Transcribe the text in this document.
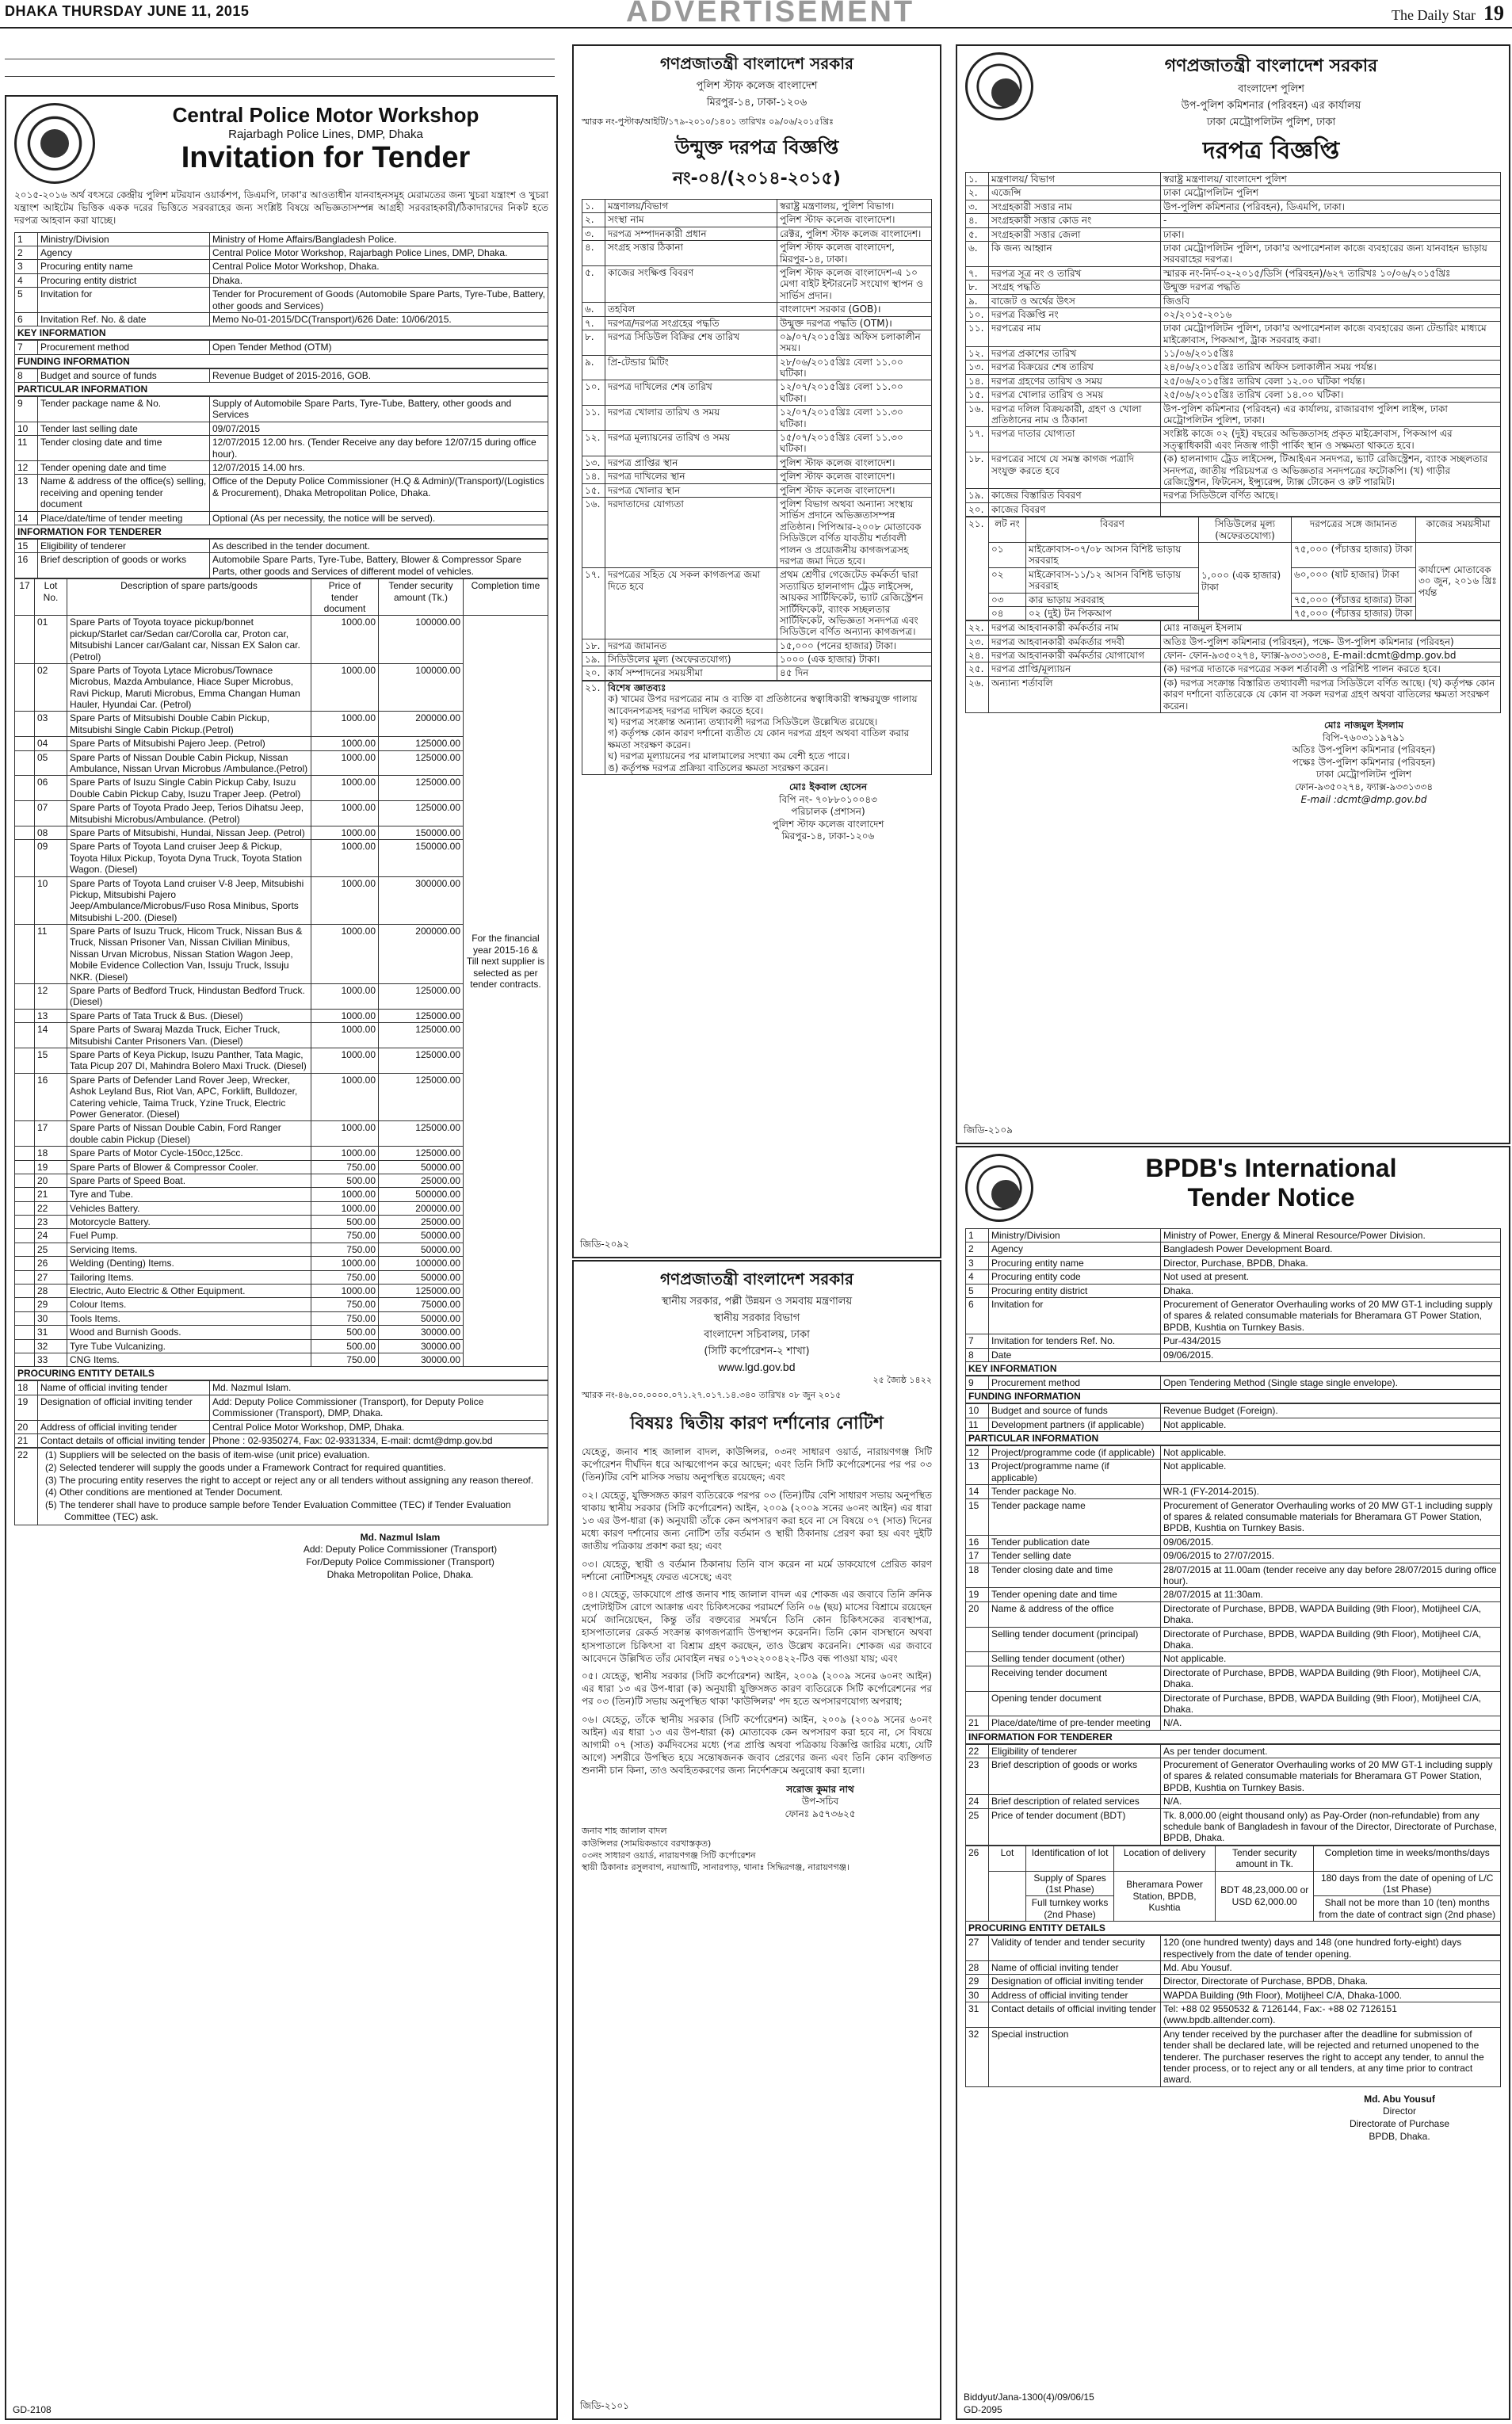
DHAKA THURSDAY JUNE 11, 2015	ADVERTISEMENT	The Daily Star 19
Central Police Motor Workshop
Rajarbagh Police Lines, DMP, Dhaka
Invitation for Tender
২০১৫-২০১৬ অর্থ বৎসরে কেন্দ্রীয় পুলিশ মটরযান ওয়ার্কশপ, ডিএমপি, ঢাকা'র আওতাধীন যানবাহনসমূহ মেরামতের জন্য খুচরা যন্ত্রাংশ ও খুচরা যন্ত্রাংশ আইটেম ভিত্তিক একক দরের ভিত্তিতে সরবরাহের জন্য সংশ্লিষ্ট বিষয়ে অভিজ্ঞতাসম্পন্ন আগ্রহী সরবরাহকারী/ঠিকাদারদের নিকট হতে দরপত্র আহবান করা যাচ্ছে।
1	Ministry/Division	Ministry of Home Affairs/Bangladesh Police.
2	Agency	Central Police Motor Workshop, Rajarbagh Police Lines, DMP, Dhaka.
3	Procuring entity name	Central Police Motor Workshop, Dhaka.
4	Procuring entity district	Dhaka.
5	Invitation for	Tender for Procurement of Goods (Automobile Spare Parts, Tyre-Tube, Battery, other goods and Services)
6	Invitation Ref. No. & date	Memo No-01-2015/DC(Transport)/626 Date: 10/06/2015.
KEY INFORMATION
7	Procurement method	Open Tender Method (OTM)
FUNDING INFORMATION
8	Budget and source of funds	Revenue Budget of 2015-2016, GOB.
PARTICULAR INFORMATION
9	Tender package name & No.	Supply of Automobile Spare Parts, Tyre-Tube, Battery, other goods and Services
10	Tender last selling date	09/07/2015
11	Tender closing date and time	12/07/2015 12.00 hrs. (Tender Receive any day before 12/07/15 during office hour).
12	Tender opening date and time	12/07/2015 14.00 hrs.
13	Name & address of the office(s) selling, receiving and opening tender document	Office of the Deputy Police Commissioner (H.Q & Admin)/(Transport)/(Logistics & Procurement), Dhaka Metropolitan Police, Dhaka.
14	Place/date/time of tender meeting	Optional (As per necessity, the notice will be served).
INFORMATION FOR TENDERER
15	Eligibility of tenderer	As described in the tender document.
16	Brief description of goods or works	Automobile Spare Parts, Tyre-Tube, Battery, Blower & Compressor Spare Parts, other goods and Services of different model of vehicles.
17	Lot No.	Description of spare parts/goods	Price of tender document	Tender security amount (Tk.)	Completion time
	01	Spare Parts of Toyota toyace pickup/bonnet pickup/Starlet car/Sedan car/Corolla car, Proton car, Mitsubishi Lancer car/Galant car, Nissan EX Salon car. (Petrol)	1000.00	100000.00	For the financial year 2015-16 & Till next supplier is selected as per tender contracts.
	02	Spare Parts of Toyota Lytace Microbus/Townace Microbus, Mazda Ambulance, Hiace Super Microbus, Ravi Pickup, Maruti Microbus, Emma Changan Human Hauler, Hyundai Car. (Petrol)	1000.00	100000.00	
	03	Spare Parts of Mitsubishi Double Cabin Pickup, Mitsubishi Single Cabin Pickup.(Petrol)	1000.00	200000.00	
	04	Spare Parts of Mitsubishi Pajero Jeep. (Petrol)	1000.00	125000.00	
	05	Spare Parts of Nissan Double Cabin Pickup, Nissan Ambulance, Nissan Urvan Microbus /Ambulance.(Petrol)	1000.00	125000.00	
	06	Spare Parts of Isuzu Single Cabin Pickup Caby, Isuzu Double Cabin Pickup Caby, Isuzu Traper Jeep. (Petrol)	1000.00	125000.00	
	07	Spare Parts of Toyota Prado Jeep, Terios Dihatsu Jeep, Mitsubishi Microbus/Ambulance. (Petrol)	1000.00	125000.00	
	08	Spare Parts of Mitsubishi, Hundai, Nissan Jeep. (Petrol)	1000.00	150000.00	
	09	Spare Parts of Toyota Land cruiser Jeep & Pickup, Toyota Hilux Pickup, Toyota Dyna Truck, Toyota Station Wagon. (Diesel)	1000.00	150000.00	
	10	Spare Parts of Toyota Land cruiser V-8 Jeep, Mitsubishi Pickup, Mitsubishi Pajero Jeep/Ambulance/Microbus/Fuso Rosa Minibus, Sports Mitsubishi L-200. (Diesel)	1000.00	300000.00	
	11	Spare Parts of Isuzu Truck, Hicom Truck, Nissan Bus & Truck, Nissan Prisoner Van, Nissan Civilian Minibus, Nissan Urvan Microbus, Nissan Station Wagon Jeep, Mobile Evidence Collection Van, Issuju Truck, Issuju NKR. (Diesel)	1000.00	200000.00	
	12	Spare Parts of Bedford Truck, Hindustan Bedford Truck. (Diesel)	1000.00	125000.00	
	13	Spare Parts of Tata Truck & Bus. (Diesel)	1000.00	125000.00	
	14	Spare Parts of Swaraj Mazda Truck, Eicher Truck, Mitsubishi Canter Prisoners Van. (Diesel)	1000.00	125000.00	
	15	Spare Parts of Keya Pickup, Isuzu Panther, Tata Magic, Tata Picup 207 DI, Mahindra Bolero Maxi Truck. (Diesel)	1000.00	125000.00	
	16	Spare Parts of Defender Land Rover Jeep, Wrecker, Ashok Leyland Bus, Riot Van, APC, Forklift, Bulldozer, Catering vehicle, Taima Truck, Yzine Truck, Electric Power Generator. (Diesel)	1000.00	125000.00	
	17	Spare Parts of Nissan Double Cabin, Ford Ranger double cabin Pickup (Diesel)	1000.00	125000.00	
	18	Spare Parts of Motor Cycle-150cc,125cc.	1000.00	125000.00	
	19	Spare Parts of Blower & Compressor Cooler.	750.00	50000.00	
	20	Spare Parts of Speed Boat.	500.00	25000.00	
	21	Tyre and Tube.	1000.00	500000.00	
	22	Vehicles Battery.	1000.00	200000.00	
	23	Motorcycle Battery.	500.00	25000.00	
	24	Fuel Pump.	750.00	50000.00	
	25	Servicing Items.	750.00	50000.00	
	26	Welding (Denting) Items.	1000.00	100000.00	
	27	Tailoring Items.	750.00	50000.00	
	28	Electric, Auto Electric & Other Equipment.	1000.00	125000.00	
	29	Colour Items.	750.00	75000.00	
	30	Tools Items.	750.00	50000.00	
	31	Wood and Burnish Goods.	500.00	30000.00	
	32	Tyre Tube Vulcanizing.	500.00	30000.00	
	33	CNG Items.	750.00	30000.00	
PROCURING ENTITY DETAILS
18	Name of official inviting tender	Md. Nazmul Islam.
19	Designation of official inviting tender	Add: Deputy Police Commissioner (Transport), for Deputy Police Commissioner (Transport), DMP, Dhaka.
20	Address of official inviting tender	Central Police Motor Workshop, DMP, Dhaka.
21	Contact details of official inviting tender	Phone : 02-9350274, Fax: 02-9331334, E-mail: dcmt@dmp.gov.bd
22	(1) Suppliers will be selected on the basis of item-wise (unit price) evaluation.
(2) Selected tenderer will supply the goods under a Framework Contract for required quantities.
(3) The procuring entity reserves the right to accept or reject any or all tenders without assigning any reason thereof.
(4) Other conditions are mentioned at Tender Document.
(5) The tenderer shall have to produce sample before Tender Evaluation Committee (TEC) if Tender Evaluation Committee (TEC) ask.
Md. Nazmul Islam
Add: Deputy Police Commissioner (Transport)
For/Deputy Police Commissioner (Transport)
Dhaka Metropolitan Police, Dhaka.
GD-2108
গণপ্রজাতন্ত্রী বাংলাদেশ সরকার
পুলিশ স্টাফ কলেজ বাংলাদেশ
মিরপুর-১৪, ঢাকা-১২০৬
স্মারক নং-পুস্টাক/আইটি/১৭৯-২০১০/১৪০১ তারিখঃ ০৯/০৬/২০১৫খ্রিঃ
উন্মুক্ত দরপত্র বিজ্ঞপ্তি
নং-০৪/(২০১৪-২০১৫)
১.	মন্ত্রণালয়/বিভাগ	স্বরাষ্ট্র মন্ত্রণালয়, পুলিশ বিভাগ।
২.	সংস্থা নাম	পুলিশ স্টাফ কলেজ বাংলাদেশ।
৩.	দরপত্র সম্পাদনকারী প্রধান	রেক্টর, পুলিশ স্টাফ কলেজ বাংলাদেশ।
৪.	সংগ্রহ সত্তার ঠিকানা	পুলিশ স্টাফ কলেজ বাংলাদেশ, মিরপুর-১৪, ঢাকা।
৫.	কাজের সংক্ষিপ্ত বিবরণ	পুলিশ স্টাফ কলেজ বাংলাদেশ-এ ১০ মেগা বাইট ইন্টারনেট সংযোগ স্থাপন ও সার্ভিস প্রদান।
৬.	তহবিল	বাংলাদেশ সরকার (GOB)।
৭.	দরপত্র/দরপত্র সংগ্রহের পদ্ধতি	উন্মুক্ত দরপত্র পদ্ধতি (OTM)।
৮.	দরপত্র সিডিউল বিক্রির শেষ তারিখ	০৯/০৭/২০১৫খ্রিঃ অফিস চলাকালীন সময়।
৯.	প্রি-টেন্ডার মিটিং	২৮/০৬/২০১৫খ্রিঃ বেলা ১১.০০ ঘটিকা।
১০.	দরপত্র দাখিলের শেষ তারিখ	১২/০৭/২০১৫খ্রিঃ বেলা ১১.০০ ঘটিকা।
১১.	দরপত্র খোলার তারিখ ও সময়	১২/০৭/২০১৫খ্রিঃ বেলা ১১.৩০ ঘটিকা।
১২.	দরপত্র মূল্যায়নের তারিখ ও সময়	১৫/০৭/২০১৫খ্রিঃ বেলা ১১.৩০ ঘটিকা।
১৩.	দরপত্র প্রাপ্তির স্থান	পুলিশ স্টাফ কলেজ বাংলাদেশ।
১৪.	দরপত্র দাখিলের স্থান	পুলিশ স্টাফ কলেজ বাংলাদেশ।
১৫.	দরপত্র খোলার স্থান	পুলিশ স্টাফ কলেজ বাংলাদেশ।
১৬.	দরদাতাদের যোগ্যতা	পুলিশ বিভাগ অথবা অন্যান্য সংস্থায় সার্ভিস প্রদানে অভিজ্ঞতাসম্পন্ন প্রতিষ্ঠান। পিপিআর-২০০৮ মোতাবেক সিডিউলে বর্ণিত যাবতীয় শর্তাবলী পালন ও প্রয়োজনীয় কাগজপত্রসহ দরপত্র জমা দিতে হবে।
১৭.	দরপত্রের সহিত যে সকল কাগজপত্র জমা দিতে হবে	প্রথম শ্রেণীর গেজেটেড কর্মকর্তা দ্বারা সত্যায়িত হালনাগাদ ট্রেড লাইসেন্স, আয়কর সার্টিফিকেট, ভ্যাট রেজিস্ট্রেশন সার্টিফিকেট, ব্যাংক সচ্ছলতার সার্টিফিকেট, অভিজ্ঞতা সনদপত্র এবং সিডিউলে বর্ণিত অন্যান্য কাগজপত্র।
১৮.	দরপত্র জামানত	১৫,০০০ (পনের হাজার) টাকা।
১৯.	সিডিউলের মূল্য (অফেরতযোগ্য)	১০০০ (এক হাজার) টাকা।
২০.	কার্য সম্পাদনের সময়সীমা	৪৫ দিন
২১.	বিশেষ জ্ঞাতব্যঃ
ক) খামের উপর দরপত্রের নাম ও ব্যক্তি বা প্রতিষ্ঠানের স্বত্বাধিকারী স্বাক্ষরযুক্ত গালায় আবেদনপত্রসহ দরপত্র দাখিল করতে হবে।
খ) দরপত্র সংক্রান্ত অন্যান্য তথ্যাবলী দরপত্র সিডিউলে উল্লেখিত রয়েছে।
গ) কর্তৃপক্ষ কোন কারণ দর্শানো ব্যতীত যে কোন দরপত্র গ্রহণ অথবা বাতিল করার ক্ষমতা সংরক্ষণ করেন।
ঘ) দরপত্র মূল্যায়নের পর মালামালের সংখ্যা কম বেশী হতে পারে।
ঙ) কর্তৃপক্ষ দরপত্র প্রক্রিয়া বাতিলের ক্ষমতা সংরক্ষণ করেন।
মোঃ ইকবাল হোসেন
বিপি নং- ৭০৮৮০১০০৪৩
পরিচালক (প্রশাসন)
পুলিশ স্টাফ কলেজ বাংলাদেশ
মিরপুর-১৪, ঢাকা-১২০৬
জিডি-২০৯২
গণপ্রজাতন্ত্রী বাংলাদেশ সরকার
বাংলাদেশ পুলিশ
উপ-পুলিশ কমিশনার (পরিবহন) এর কার্যালয়
ঢাকা মেট্রোপলিটন পুলিশ, ঢাকা
দরপত্র বিজ্ঞপ্তি
১.	মন্ত্রণালয়/ বিভাগ	স্বরাষ্ট্র মন্ত্রণালয়/ বাংলাদেশ পুলিশ
২.	এজেন্সি	ঢাকা মেট্রোপলিটন পুলিশ
৩.	সংগ্রহকারী সত্তার নাম	উপ-পুলিশ কমিশনার (পরিবহন), ডিএমপি, ঢাকা।
৪.	সংগ্রহকারী সত্তার কোড নং	-
৫.	সংগ্রহকারী সত্তার জেলা	ঢাকা।
৬.	কি জন্য আহ্বান	ঢাকা মেট্রোপলিটন পুলিশ, ঢাকা'র অপারেশনাল কাজে ব্যবহারের জন্য যানবাহন ভাড়ায় সরবরাহের দরপত্র।
৭.	দরপত্র সূত্র নং ও তারিখ	স্মারক নং-নির্দ-০২-২০১৫/ডিসি (পরিবহন)/৬২৭ তারিখঃ ১০/০৬/২০১৫খ্রিঃ
৮.	সংগ্রহ পদ্ধতি	উন্মুক্ত দরপত্র পদ্ধতি
৯.	বাজেট ও অর্থের উৎস	জিওবি
১০.	দরপত্র বিজ্ঞপ্তি নং	০২/২০১৫-২০১৬
১১.	দরপত্রের নাম	ঢাকা মেট্রোপলিটন পুলিশ, ঢাকা'র অপারেশনাল কাজে ব্যবহারের জন্য টেন্ডারিং মাধ্যমে মাইক্রোবাস, পিকআপ, ট্রাক সরবরাহ করা।
১২.	দরপত্র প্রকাশের তারিখ	১১/০৬/২০১৫খ্রিঃ
১৩.	দরপত্র বিক্রয়ের শেষ তারিখ	২৪/০৬/২০১৫খ্রিঃ তারিখ অফিস চলাকালীন সময় পর্যন্ত।
১৪.	দরপত্র গ্রহণের তারিখ ও সময়	২৫/০৬/২০১৫খ্রিঃ তারিখ বেলা ১২.০০ ঘটিকা পর্যন্ত।
১৫.	দরপত্র খোলার তারিখ ও সময়	২৫/০৬/২০১৫খ্রিঃ তারিখ বেলা ১৪.০০ ঘটিকা।
১৬.	দরপত্র দলিল বিক্রয়কারী, গ্রহণ ও খোলা প্রতিষ্ঠানের নাম ও ঠিকানা	উপ-পুলিশ কমিশনার (পরিবহন) এর কার্যালয়, রাজারবাগ পুলিশ লাইন্স, ঢাকা মেট্রোপলিটন পুলিশ, ঢাকা।
১৭.	দরপত্র দাতার যোগ্যতা	সংশ্লিষ্ট কাজে ০২ (দুই) বছরের অভিজ্ঞতাসহ প্রকৃত মাইক্রোবাস, পিকআপ এর সত্ত্বাধিকারী এবং নিজস্ব গাড়ী পার্কিং স্থান ও সক্ষমতা থাকতে হবে।
১৮.	দরপত্রের সাথে যে সমস্ত কাগজ পত্রাদি সংযুক্ত করতে হবে	(ক) হালনাগাদ ট্রেড লাইসেন্স, টিআইএন সনদপত্র, ভ্যাট রেজিস্ট্রেশন, ব্যাংক সচ্ছলতার সনদপত্র, জাতীয় পরিচয়পত্র ও অভিজ্ঞতার সনদপত্রের ফটোকপি। (খ) গাড়ীর রেজিস্ট্রেশন, ফিটনেস, ইন্স্যুরেন্স, ট্যাক্স টোকেন ও রুট পারমিট।
১৯.	কাজের বিস্তারিত বিবরণ	দরপত্র সিডিউলে বর্ণিত আছে।
২০.	কাজের বিবরণ	
২১.	লট নং	বিবরণ	সিডিউলের মূল্য (অফেরতযোগ্য)	দরপত্রের সঙ্গে জামানত	কাজের সময়সীমা
	০১	মাইক্রোবাস-০৭/০৮ আসন বিশিষ্ট ভাড়ায় সরবরাহ	১,০০০ (এক হাজার) টাকা	৭৫,০০০ (পঁচাত্তর হাজার) টাকা	কার্যাদেশ মোতাবেক ৩০ জুন, ২০১৬ খ্রিঃ পর্যন্ত
	০২	মাইক্রোবাস-১১/১২ আসন বিশিষ্ট ভাড়ায় সরবরাহ		৬০,০০০ (ষাট হাজার) টাকা	
	০৩	কার ভাড়ায় সরবরাহ		৭৫,০০০ (পঁচাত্তর হাজার) টাকা	
	০৪	০২ (দুই) টন পিকআপ		৭৫,০০০ (পঁচাত্তর হাজার) টাকা	
২২.	দরপত্র আহবানকারী কর্মকর্তার নাম	মোঃ নাজমুল ইসলাম
২৩.	দরপত্র আহবানকারী কর্মকর্তার পদবী	অতিঃ উপ-পুলিশ কমিশনার (পরিবহন), পক্ষে- উপ-পুলিশ কমিশনার (পরিবহন)
২৪.	দরপত্র আহবানকারী কর্মকর্তার যোগাযোগ	ফোন- ফোন-৯৩৫০২৭৪, ফ্যাক্স-৯৩৩১৩৩৪, E-mail:dcmt@dmp.gov.bd
২৫.	দরপত্র প্রাপ্তি/মূল্যায়ন	(ক) দরপত্র দাতাকে দরপত্রের সকল শর্তাবলী ও পরিশিষ্ট পালন করতে হবে।
২৬.	অন্যান্য শর্তাবলি	(ক) দরপত্র সংক্রান্ত বিস্তারিত তথ্যাবলী দরপত্র সিডিউলে বর্ণিত আছে। (খ) কর্তৃপক্ষ কোন কারণ দর্শানো ব্যতিরেকে যে কোন বা সকল দরপত্র গ্রহণ অথবা বাতিলের ক্ষমতা সংরক্ষণ করেন।
মোঃ নাজমুল ইসলাম
বিপি-৭৬০৩১১৯৭৯১
অতিঃ উপ-পুলিশ কমিশনার (পরিবহন)
পক্ষেঃ উপ-পুলিশ কমিশনার (পরিবহন)
ঢাকা মেট্রোপলিটন পুলিশ
ফোন-৯৩৫০২৭৪, ফ্যাক্স-৯৩৩১৩৩৪
E-mail :dcmt@dmp.gov.bd
জিডি-২১০৯
গণপ্রজাতন্ত্রী বাংলাদেশ সরকার
স্থানীয় সরকার, পল্লী উন্নয়ন ও সমবায় মন্ত্রণালয়
স্থানীয় সরকার বিভাগ
বাংলাদেশ সচিবালয়, ঢাকা
(সিটি কর্পোরেশন-২ শাখা)
www.lgd.gov.bd
২৫ জ্যৈষ্ঠ ১৪২২
স্মারক নং-৪৬.০০.০০০০.০৭১.২৭.০১৭.১৪.৩৪০ তারিখঃ ০৮ জুন ২০১৫
বিষয়ঃ দ্বিতীয় কারণ দর্শানোর নোটিশ
যেহেতু, জনাব শাহ জালাল বাদল, কাউন্সিলর, ০৩নং সাধারণ ওয়ার্ড, নারায়ণগঞ্জ সিটি কর্পোরেশন দীর্ঘদিন ধরে আত্মগোপন করে আছেন; এবং তিনি সিটি কর্পোরেশনের পর পর ০৩ (তিন)টির বেশি মাসিক সভায় অনুপস্থিত রয়েছেন; এবং
০২। যেহেতু, যুক্তিসঙ্গত কারণ ব্যতিরেকে পরপর ০৩ (তিন)টির বেশি সাধারণ সভায় অনুপস্থিত থাকায় স্থানীয় সরকার (সিটি কর্পোরেশন) আইন, ২০০৯ (২০০৯ সনের ৬০নং আইন) এর ধারা ১৩ এর উপ-ধারা (ক) অনুযায়ী তাঁকে কেন অপসারণ করা হবে না সে বিষয়ে ০৭ (সাত) দিনের মধ্যে কারণ দর্শানোর জন্য নোটিশ তাঁর বর্তমান ও স্থায়ী ঠিকানায় প্রেরণ করা হয় এবং দুইটি জাতীয় পত্রিকায় প্রকাশ করা হয়; এবং
০৩। যেহেতু, স্থায়ী ও বর্তমান ঠিকানায় তিনি বাস করেন না মর্মে ডাকযোগে প্রেরিত কারণ দর্শানো নোটিশসমূহ ফেরত এসেছে; এবং
০৪। যেহেতু, ডাকযোগে প্রাপ্ত জনাব শাহ জালাল বাদল এর শোকজ এর জবাবে তিনি ক্রনিক হেপাটাইটিস রোগে আক্রান্ত এবং চিকিৎসকের পরামর্শে তিনি ০৬ (ছয়) মাসের বিশ্রামে রয়েছেন মর্মে জানিয়েছেন, কিন্তু তাঁর বক্তব্যের সমর্থনে তিনি কোন চিকিৎসকের ব্যবস্থাপত্র, হাসপাতালের রেকর্ড সংক্রান্ত কাগজপত্রাদি উপস্থাপন করেননি। তিনি কোন বাসস্থানে অথবা হাসপাতালে চিকিৎসা বা বিশ্রাম গ্রহণ করছেন, তাও উল্লেখ করেননি। শোকজ এর জবাবে আবেদনে উল্লিখিত তাঁর মোবাইল নম্বর ০১৭৩২২০০৪২২-টিও বন্ধ পাওয়া যায়; এবং
০৫। যেহেতু, স্থানীয় সরকার (সিটি কর্পোরেশন) আইন, ২০০৯ (২০০৯ সনের ৬০নং আইন) এর ধারা ১৩ এর উপ-ধারা (ক) অনুযায়ী যুক্তিসঙ্গত কারণ ব্যতিরেকে সিটি কর্পোরেশনের পর পর ০৩ (তিন)টি সভায় অনুপস্থিত থাকা 'কাউন্সিলর' পদ হতে অপসারণযোগ্য অপরাধ;
০৬। যেহেতু, তাঁকে স্থানীয় সরকার (সিটি কর্পোরেশন) আইন, ২০০৯ (২০০৯ সনের ৬০নং আইন) এর ধারা ১৩ এর উপ-ধারা (ক) মোতাবেক কেন অপসারণ করা হবে না, সে বিষয়ে আগামী ০৭ (সাত) কর্মদিবসের মধ্যে (পত্র প্রাপ্তি অথবা পত্রিকায় বিজ্ঞপ্তি জারির মধ্যে, যেটি আগে) সশরীরে উপস্থিত হয়ে সন্তোষজনক জবাব প্রেরণের জন্য এবং তিনি কোন ব্যক্তিগত শুনানী চান কিনা, তাও অবহিতকরণের জন্য নির্দেশক্রমে অনুরোধ করা হলো।
সরোজ কুমার নাথ
উপ-সচিব
ফোনঃ ৯৫৭৩৬২৫
জনাব শাহ জালাল বাদল
কাউন্সিলর (সাময়িকভাবে বরখাস্তকৃত)
০৩নং সাধারণ ওয়ার্ড, নারায়ণগঞ্জ সিটি কর্পোরেশন
স্থায়ী ঠিকানাঃ রসুলবাগ, নয়াআটি, সানারপাড়, থানাঃ সিদ্ধিরগঞ্জ, নারায়ণগঞ্জ।
জিডি-২১০১
BPDB's International
Tender Notice
1	Ministry/Division	Ministry of Power, Energy & Mineral Resource/Power Division.
2	Agency	Bangladesh Power Development Board.
3	Procuring entity name	Director, Purchase, BPDB, Dhaka.
4	Procuring entity code	Not used at present.
5	Procuring entity district	Dhaka.
6	Invitation for	Procurement of Generator Overhauling works of 20 MW GT-1 including supply of spares & related consumable materials for Bheramara GT Power Station, BPDB, Kushtia on Turnkey Basis.
7	Invitation for tenders Ref. No.	Pur-434/2015
8	Date	09/06/2015.
KEY INFORMATION
9	Procurement method	Open Tendering Method (Single stage single envelope).
FUNDING INFORMATION
10	Budget and source of funds	Revenue Budget (Foreign).
11	Development partners (if applicable)	Not applicable.
PARTICULAR INFORMATION
12	Project/programme code (if applicable)	Not applicable.
13	Project/programme name (if applicable)	Not applicable.
14	Tender package No.	WR-1 (FY-2014-2015).
15	Tender package name	Procurement of Generator Overhauling works of 20 MW GT-1 including supply of spares & related consumable materials for Bheramara GT Power Station, BPDB, Kushtia on Turnkey Basis.
16	Tender publication date	09/06/2015.
17	Tender selling date	09/06/2015 to 27/07/2015.
18	Tender closing date and time	28/07/2015 at 11.00am (tender receive any day before 28/07/2015 during office hour).
19	Tender opening date and time	28/07/2015 at 11:30am.
20	Name & address of the office	Directorate of Purchase, BPDB, WAPDA Building (9th Floor), Motijheel C/A, Dhaka.
	Selling tender document (principal)	Directorate of Purchase, BPDB, WAPDA Building (9th Floor), Motijheel C/A, Dhaka.
	Selling tender document (other)	Not applicable.
	Receiving tender document	Directorate of Purchase, BPDB, WAPDA Building (9th Floor), Motijheel C/A, Dhaka.
	Opening tender document	Directorate of Purchase, BPDB, WAPDA Building (9th Floor), Motijheel C/A, Dhaka.
21	Place/date/time of pre-tender meeting	N/A.
INFORMATION FOR TENDERER
22	Eligibility of tenderer	As per tender document.
23	Brief description of goods or works	Procurement of Generator Overhauling works of 20 MW GT-1 including supply of spares & related consumable materials for Bheramara GT Power Station, BPDB, Kushtia on Turnkey Basis.
24	Brief description of related services	N/A.
25	Price of tender document (BDT)	Tk. 8,000.00 (eight thousand only) as Pay-Order (non-refundable) from any schedule bank of Bangladesh in favour of the Director, Directorate of Purchase, BPDB, Dhaka.
26	Lot	Identification of lot	Location of delivery	Tender security amount in Tk.	Completion time in weeks/months/days
		Supply of Spares (1st Phase)	Bheramara Power Station, BPDB, Kushtia	BDT 48,23,000.00 or USD 62,000.00	180 days from the date of opening of L/C (1st Phase)
		Full turnkey works (2nd Phase)			Shall not be more than 10 (ten) months from the date of contract sign (2nd phase)
PROCURING ENTITY DETAILS
27	Validity of tender and tender security	120 (one hundred twenty) days and 148 (one hundred forty-eight) days respectively from the date of tender opening.
28	Name of official inviting tender	Md. Abu Yousuf.
29	Designation of official inviting tender	Director, Directorate of Purchase, BPDB, Dhaka.
30	Address of official inviting tender	WAPDA Building (9th Floor), Motijheel C/A, Dhaka-1000.
31	Contact details of official inviting tender	Tel: +88 02 9550532 & 7126144, Fax:- +88 02 7126151 (www.bpdb.alltender.com).
32	Special instruction	Any tender received by the purchaser after the deadline for submission of tender shall be declared late, will be rejected and returned unopened to the tenderer. The purchaser reserves the right to accept any tender, to annul the tender process, or to reject any or all tenders, at any time prior to contract award.
Md. Abu Yousuf
Director
Directorate of Purchase
BPDB, Dhaka.
Biddyut/Jana-1300(4)/09/06/15
GD-2095
